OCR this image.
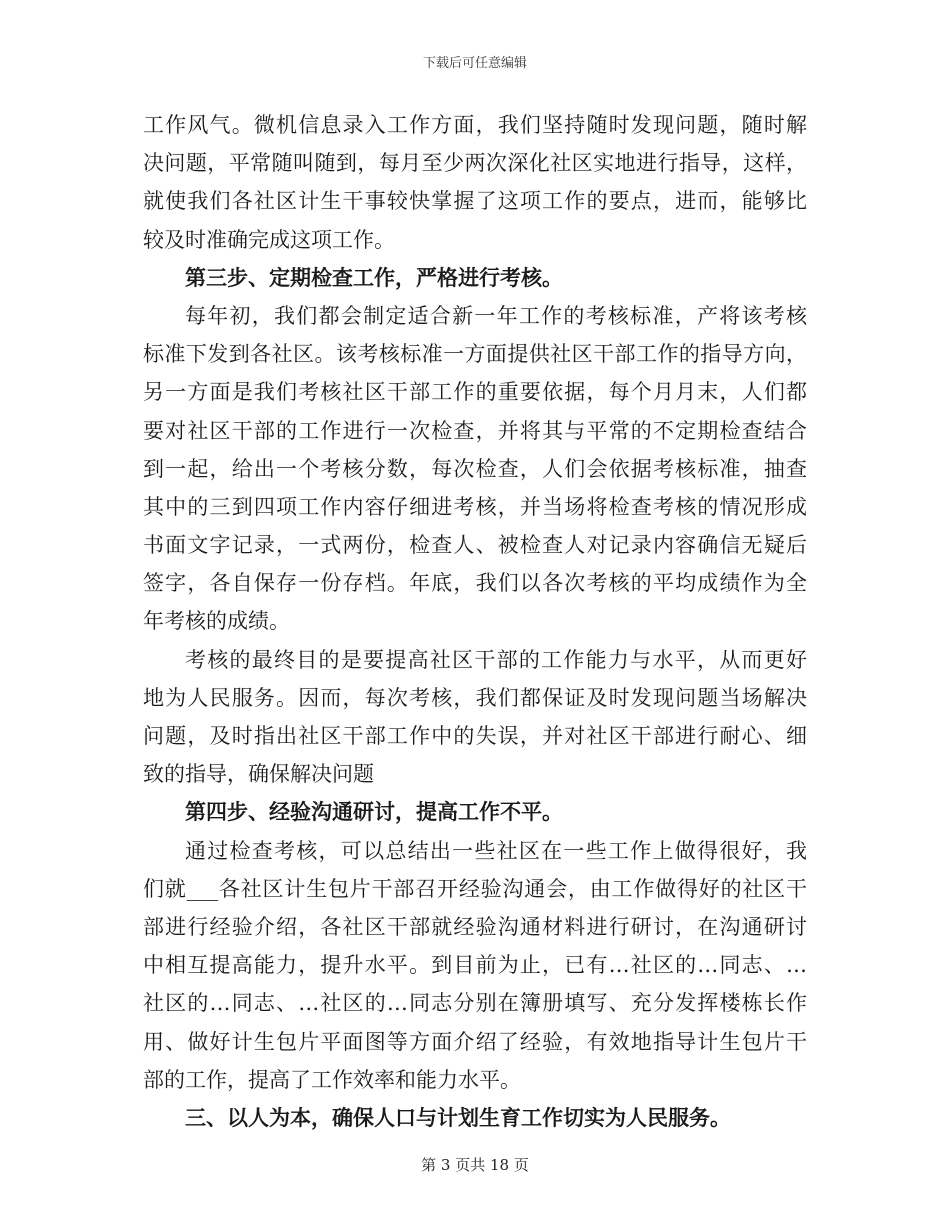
下载后可任意编辑
工作风气。微机信息录入工作方面，我们坚持随时发现问题，随时解
决问题，平常随叫随到，每月至少两次深化社区实地进行指导，这样，
就使我们各社区计生干事较快掌握了这项工作的要点，进而，能够比
较及时准确完成这项工作。
第三步、定期检查工作，严格进行考核。
每年初，我们都会制定适合新一年工作的考核标准，产将该考核
标准下发到各社区。该考核标准一方面提供社区干部工作的指导方向，
另一方面是我们考核社区干部工作的重要依据，每个月月末，人们都
要对社区干部的工作进行一次检查，并将其与平常的不定期检查结合
到一起，给出一个考核分数，每次检查，人们会依据考核标准，抽查
其中的三到四项工作内容仔细进考核，并当场将检查考核的情况形成
书面文字记录，一式两份，检查人、被检查人对记录内容确信无疑后
签字，各自保存一份存档。年底，我们以各次考核的平均成绩作为全
年考核的成绩。
考核的最终目的是要提高社区干部的工作能力与水平，从而更好
地为人民服务。因而，每次考核，我们都保证及时发现问题当场解决
问题，及时指出社区干部工作中的失误，并对社区干部进行耐心、细
致的指导，确保解决问题
第四步、经验沟通研讨，提高工作不平。
通过检查考核，可以总结出一些社区在一些工作上做得很好，我
们就___各社区计生包片干部召开经验沟通会，由工作做得好的社区干
部进行经验介绍，各社区干部就经验沟通材料进行研讨，在沟通研讨
中相互提高能力，提升水平。到目前为止，已有…社区的…同志、…
社区的…同志、…社区的…同志分别在簿册填写、充分发挥楼栋长作
用、做好计生包片平面图等方面介绍了经验，有效地指导计生包片干
部的工作，提高了工作效率和能力水平。
三、以人为本，确保人口与计划生育工作切实为人民服务。
第 3 页共 18 页
